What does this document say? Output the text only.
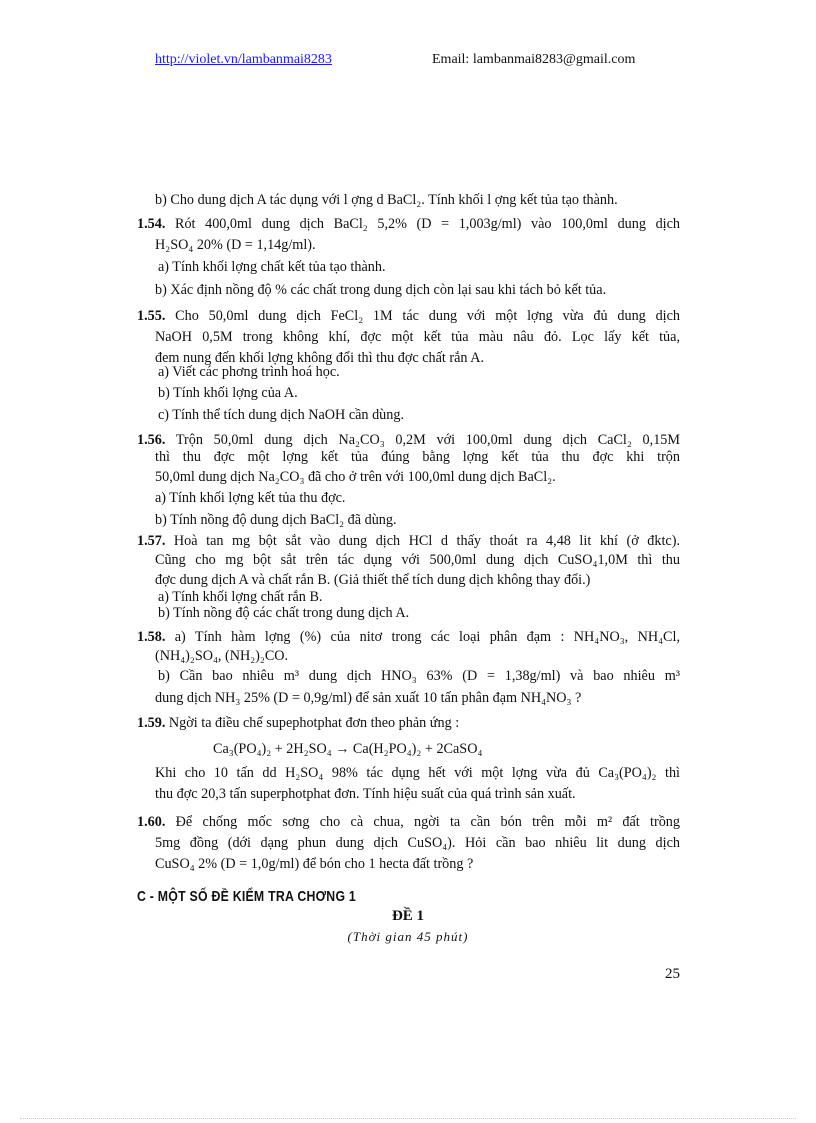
http://violet.vn/lambanmai8283	Email: lambanmai8283@gmail.com
b) Cho dung dịch A tác dụng với l ợng d BaCl₂. Tính khối l ợng kết tủa tạo thành.
1.54. Rót 400,0ml dung dịch BaCl₂ 5,2% (D = 1,003g/ml) vào 100,0ml dung dịch
H₂SO₄ 20% (D = 1,14g/ml).
a) Tính khối lợng chất kết tủa tạo thành.
b) Xác định nồng độ % các chất trong dung dịch còn lại sau khi tách bỏ kết tủa.
1.55. Cho 50,0ml dung dịch FeCl₂ 1M tác dung với một lợng vừa đủ dung dịch
NaOH 0,5M trong không khí, đợc một kết tủa màu nâu đỏ. Lọc lấy kết tủa,
đem nung đến khối lợng không đổi thì thu đợc chất rắn A.
a) Viết các phơng trình hoá học.
b) Tính khối lợng của A.
c) Tính thể tích dung dịch NaOH cần dùng.
1.56. Trộn 50,0ml dung dịch Na₂CO₃ 0,2M với 100,0ml dung dịch CaCl₂ 0,15M
thì thu đợc một lợng kết tủa đúng bằng lợng kết tủa thu đợc khi trộn
50,0ml dung dịch Na₂CO₃ đã cho ở trên với 100,0ml dung dịch BaCl₂.
a) Tính khối lợng kết tủa thu đợc.
b) Tính nồng độ dung dịch BaCl₂ đã dùng.
1.57. Hoà tan mg bột sắt vào dung dịch HCl d thấy thoát ra 4,48 lit khí (ở đktc).
Cũng cho mg bột sắt trên tác dụng với 500,0ml dung dịch CuSO₄1,0M thì thu
đợc dung dịch A và chất rắn B. (Giả thiết thể tích dung dịch không thay đổi.)
a) Tính khối lợng chất rắn B.
b) Tính nồng độ các chất trong dung dịch A.
1.58. a) Tính hàm lợng (%) của nitơ trong các loại phân đạm : NH₄NO₃, NH₄Cl,
(NH₄)₂SO₄, (NH₂)₂CO.
b) Cần bao nhiêu m³ dung dịch HNO₃ 63% (D = 1,38g/ml) và bao nhiêu m³
dung dịch NH₃ 25% (D = 0,9g/ml) để sản xuất 10 tấn phân đạm NH₄NO₃ ?
1.59. Ngời ta điều chế supephotphat đơn theo phản ứng :
Ca₃(PO₄)₂ + 2H₂SO₄ → Ca(H₂PO₄)₂ + 2CaSO₄
Khi cho 10 tấn dd H₂SO₄ 98% tác dụng hết với một lợng vừa đủ Ca₃(PO₄)₂ thì
thu đợc 20,3 tấn superphotphat đơn. Tính hiệu suất của quá trình sản xuất.
1.60. Để chống mốc sơng cho cà chua, ngời ta cần bón trên mỗi m² đất trồng
5mg đồng (dới dạng phun dung dịch CuSO₄). Hỏi cần bao nhiêu lit dung dịch
CuSO₄ 2% (D = 1,0g/ml) để bón cho 1 hecta đất trồng ?
C - MỘT SỐ ĐỀ KIỂM TRA CHƠNG 1
ĐỀ 1
(Thời gian 45 phút)
25
